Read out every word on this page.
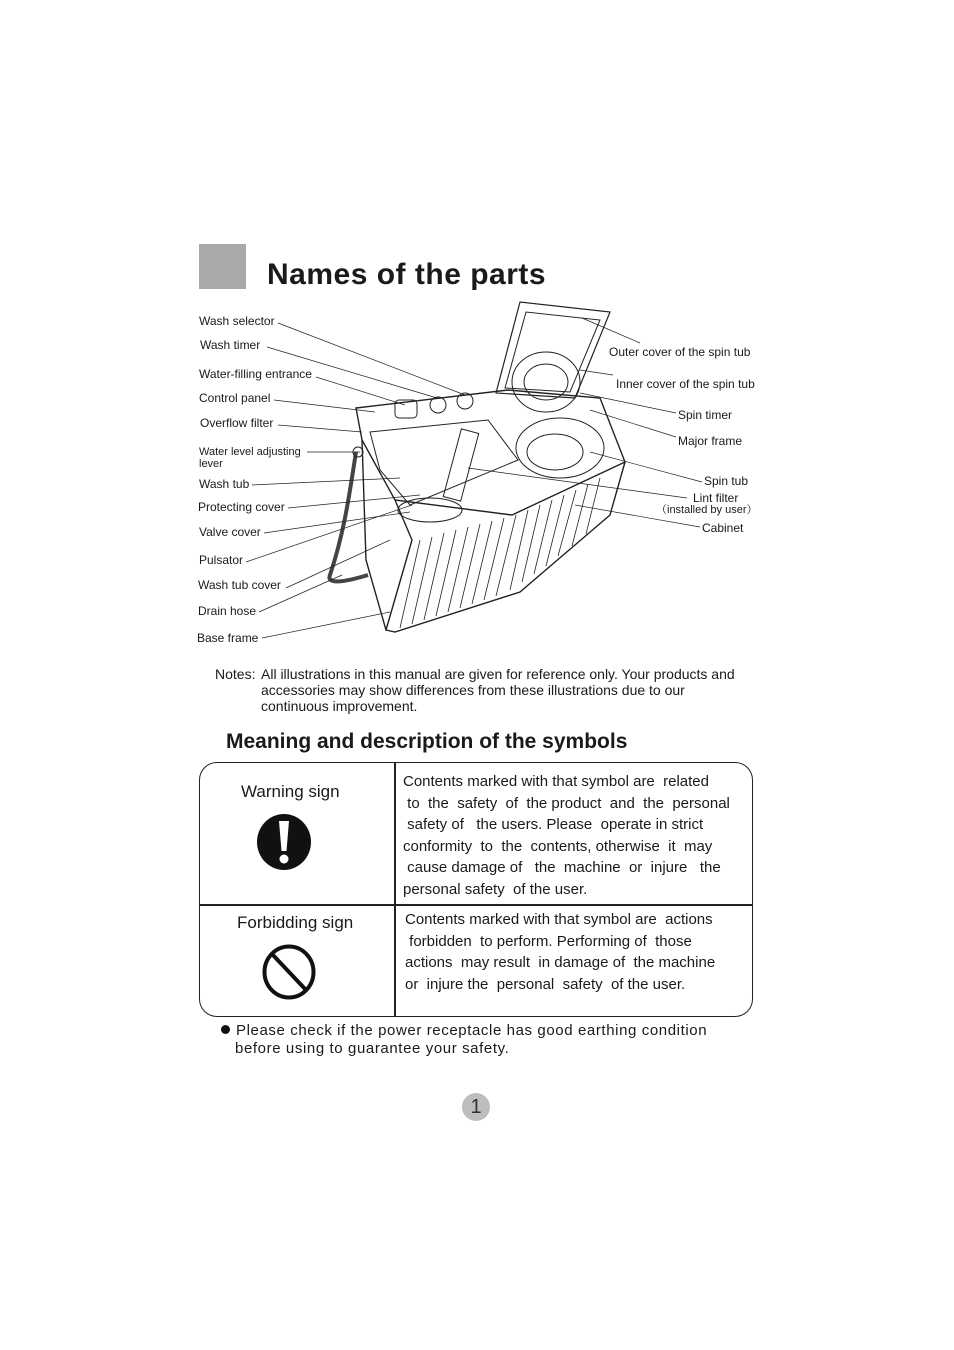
Names of the parts
Wash selector
Wash timer
Water-filling entrance
Control panel
Overflow filter
Water level adjusting
lever
Wash tub
Protecting cover
Valve cover
Pulsator
Wash tub cover
Drain hose
Base frame
Outer cover of the spin tub
Inner cover of the spin tub
Spin timer
Major frame
Spin tub
Lint filter
（installed by user）
Cabinet
Notes: All illustrations in this manual are given for reference only. Your products and
accessories may show differences from these illustrations due to our
continuous improvement.
Meaning and description of the symbols
Warning sign
Contents marked with that symbol are  related
to  the  safety  of  the product  and  the  personal
safety of   the users. Please  operate in strict
conformity  to  the  contents, otherwise  it  may
cause damage of   the  machine  or  injure   the
personal safety  of the user.
Forbidding sign	Contents marked with that symbol are  actions
forbidden  to perform. Performing of  those
actions  may result  in damage of  the machine
or  injure the  personal  safety  of the user.
Please check if the power receptacle has good earthing condition
before using to guarantee your safety.
1
